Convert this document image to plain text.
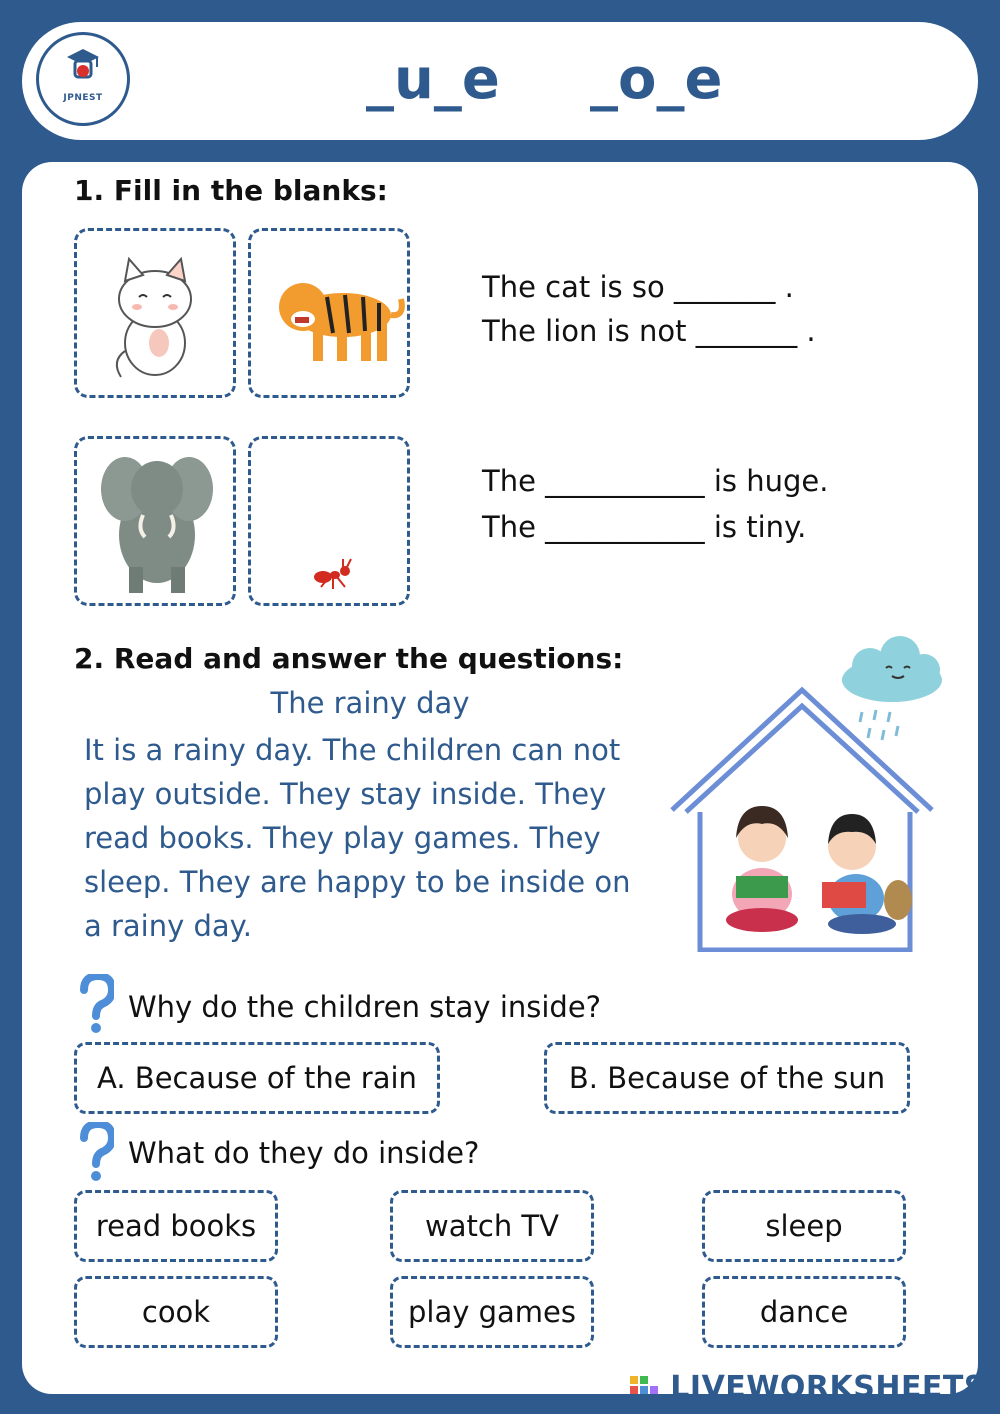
JPNEST	_u_e _o_e
1. Fill in the blanks:
The cat is so _______ .
The lion is not _______ .
The ___________ is huge.
The ___________ is tiny.
2. Read and answer the questions:
The rainy day
It is a rainy day. The children can not
play outside. They stay inside. They
read books. They play games. They
sleep. They are happy to be inside on
a rainy day.
Why do the children stay inside?
A. Because of the rain	B. Because of the sun
What do they do inside?
read books	watch TV	sleep
cook	play games	dance
LIVEWORKSHEETS
